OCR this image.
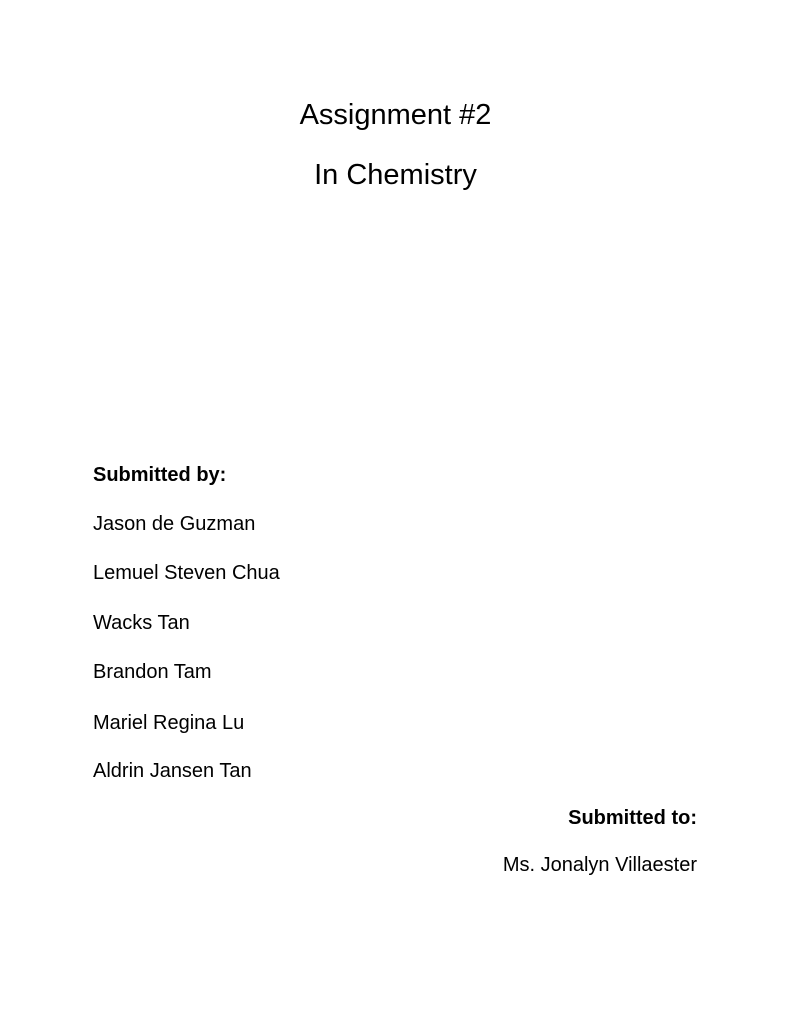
Assignment #2
In Chemistry
Submitted by:
Jason de Guzman
Lemuel Steven Chua
Wacks Tan
Brandon Tam
Mariel Regina Lu
Aldrin Jansen Tan
Submitted to:
Ms. Jonalyn Villaester
